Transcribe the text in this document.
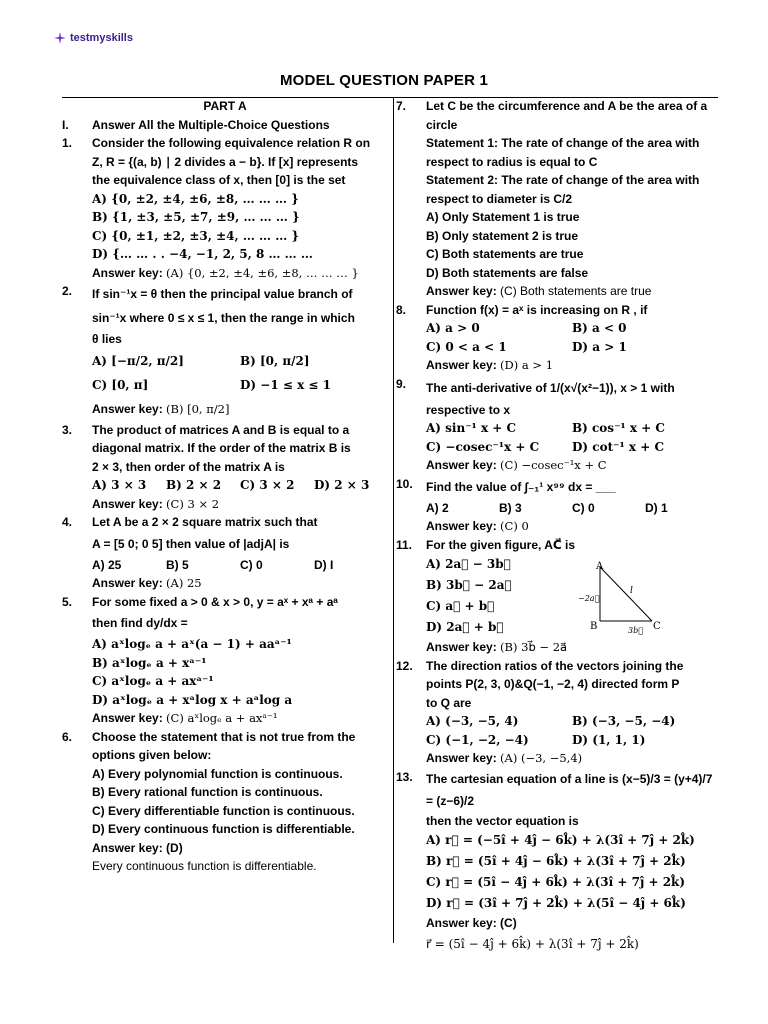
testmyskills
MODEL QUESTION PAPER 1
PART A
I.	Answer All the Multiple-Choice Questions
1.	Consider the following equivalence relation R on
Z, R = {(a, b) ∣ 2 divides a − b}. If [x] represents
the equivalence class of x, then [0] is the set
A) {0, ±2, ±4, ±6, ±8, … … … }
B) {1, ±3, ±5, ±7, ±9, … … … }
C) {0, ±1, ±2, ±3, ±4, … … … }
D) {… … . . −4, −1, 2, 5, 8 … … …
Answer key: (A) {0, ±2, ±4, ±6, ±8, … … … }
2.	If sin⁻¹x = θ then the principal value branch of
sin⁻¹x where 0 ≤ x ≤ 1, then the range in which
θ lies
A) [−π/2, π/2]	B) [0, π/2]
C) [0, π]	D) −1 ≤ x ≤ 1
Answer key: (B) [0, π/2]
3.	The product of matrices A and B is equal to a
diagonal matrix. If the order of the matrix B is
2 × 3, then order of the matrix A is
A) 3 × 3	B) 2 × 2	C) 3 × 2	D) 2 × 3
Answer key: (C) 3 × 2
4.	Let A be a 2 × 2 square matrix such that
A = [5 0; 0 5] then value of |adjA| is
A) 25	B) 5	C) 0	D) I
Answer key: (A) 25
5.	For some fixed a > 0 & x > 0, y = aˣ + xᵃ + aᵃ
then find dy/dx =
A) aˣlogₑ a + aˣ(a − 1) + aaᵃ⁻¹
B) aˣlogₑ a + xᵃ⁻¹
C) aˣlogₑ a + axᵃ⁻¹
D) aˣlogₑ a + xᵃlog x + aᵃlog a
Answer key: (C) aˣlogₑ a + axᵃ⁻¹
6.	Choose the statement that is not true from the
options given below:
A) Every polynomial function is continuous.
B) Every rational function is continuous.
C) Every differentiable function is continuous.
D) Every continuous function is differentiable.
Answer key: (D)
Every continuous function is differentiable.
7.	Let C be the circumference and A be the area of a
circle
Statement 1: The rate of change of the area with
respect to radius is equal to C
Statement 2: The rate of change of the area with
respect to diameter is C/2
A) Only Statement 1 is true
B) Only statement 2 is true
C) Both statements are true
D) Both statements are false
Answer key: (C) Both statements are true
8.	Function f(x) = aˣ is increasing on R , if
A) a > 0	B) a < 0
C) 0 < a < 1	D) a > 1
Answer key: (D) a > 1
9.	The anti-derivative of 1/(x√(x²−1)), x > 1 with
respective to x
A) sin⁻¹ x + C	B) cos⁻¹ x + C
C) −cosec⁻¹x + C	D) cot⁻¹ x + C
Answer key: (C) −cosec⁻¹x + C
10.	Find the value of ∫₋₁¹ x⁹⁹ dx = ___
A) 2	B) 3	C) 0	D) 1
Answer key: (C) 0
11.	For the given figure, AC⃗ is
A) 2a⃗ − 3b⃗
B) 3b⃗ − 2a⃗
C) a⃗ + b⃗
D) 2a⃗ + b⃗
Answer key: (B) 3b⃗ − 2a⃗
12.	The direction ratios of the vectors joining the
points P(2, 3, 0)&Q(−1, −2, 4) directed form P
to Q are
A) (−3, −5, 4)	B) (−3, −5, −4)
C) (−1, −2, −4)	D) (1, 1, 1)
Answer key: (A) (−3, −5,4)
13.	The cartesian equation of a line is (x−5)/3 = (y+4)/7 = (z−6)/2
then the vector equation is
A) r⃗ = (−5î + 4ĵ − 6k̂) + λ(3î + 7ĵ + 2k̂)
B) r⃗ = (5î + 4ĵ − 6k̂) + λ(3î + 7ĵ + 2k̂)
C) r⃗ = (5î − 4ĵ + 6k̂) + λ(3î + 7ĵ + 2k̂)
D) r⃗ = (3î + 7ĵ + 2k̂) + λ(5î − 4ĵ + 6k̂)
Answer key: (C)
r⃗ = (5î − 4ĵ + 6k̂) + λ(3î + 7ĵ + 2k̂)
A
B	C
l
−2a⃗
3b⃗
